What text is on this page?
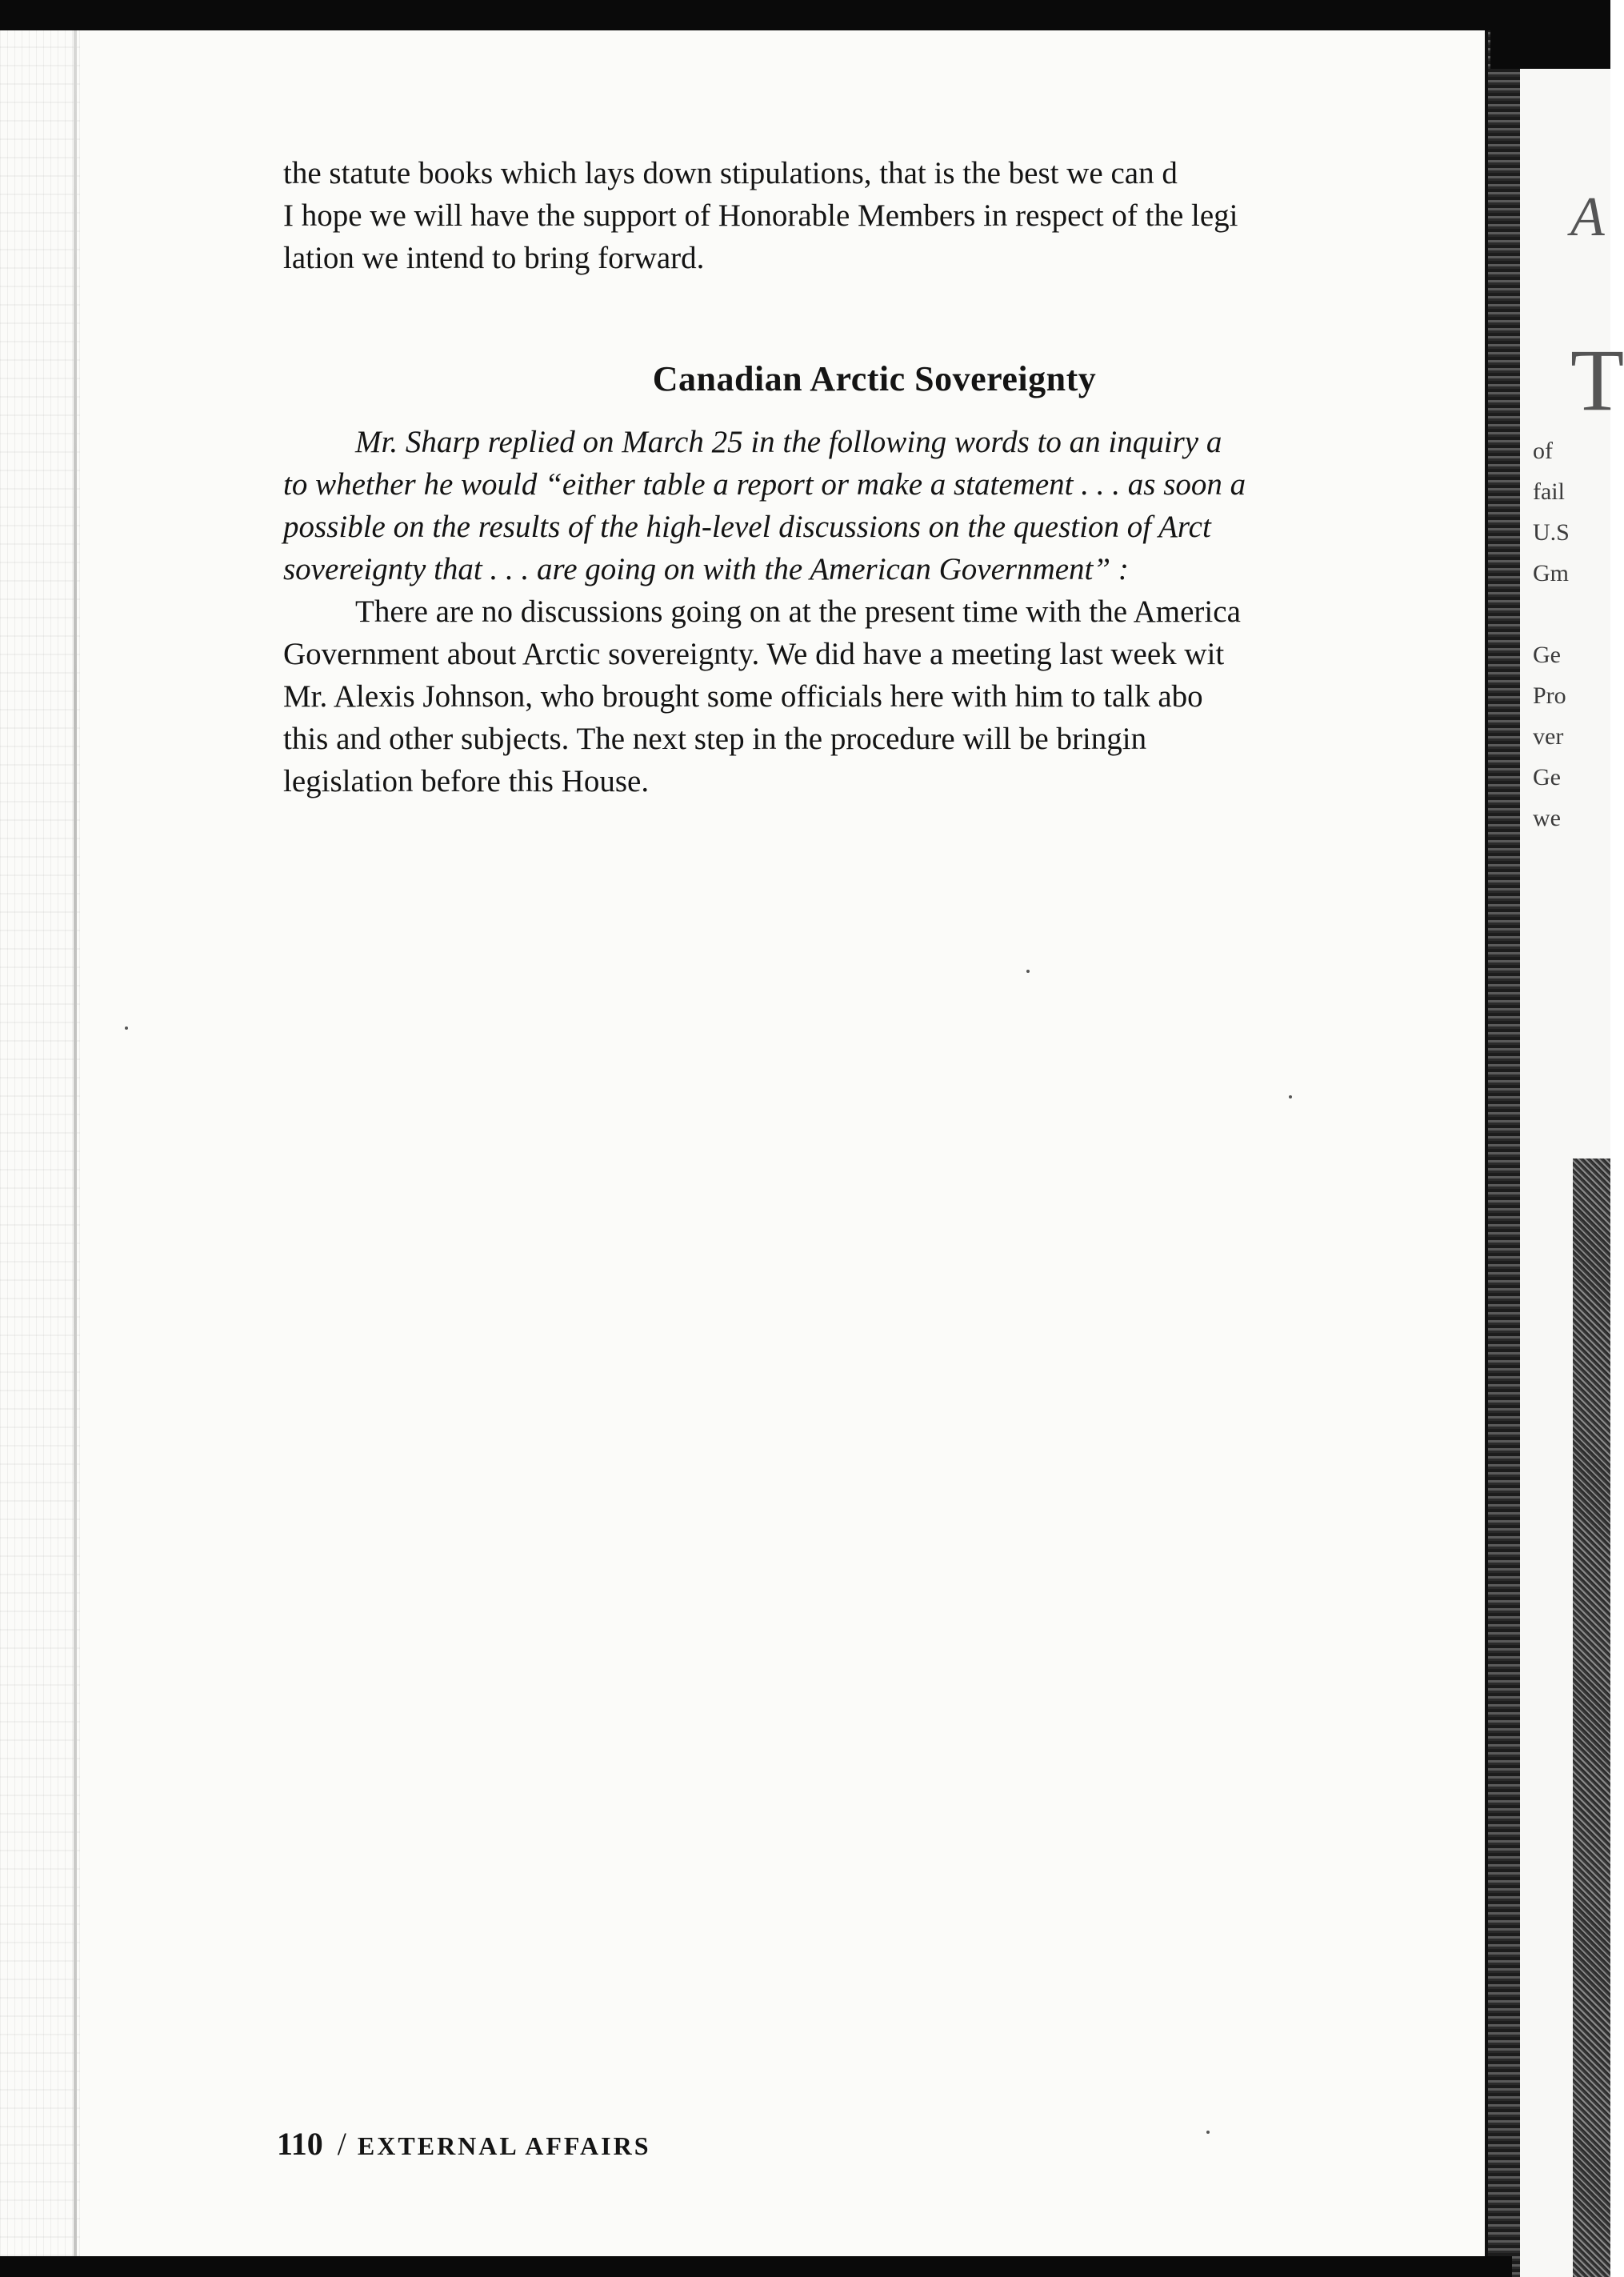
the statute books which lays down stipulations, that is the best we can d
I hope we will have the support of Honorable Members in respect of the legi
lation we intend to bring forward.

Canadian Arctic Sovereignty

Mr. Sharp replied on March 25 in the following words to an inquiry a
to whether he would “either table a report or make a statement . . . as soon a
possible on the results of the high-level discussions on the question of Arct
sovereignty that . . . are going on with the American Government” :

There are no discussions going on at the present time with the America
Government about Arctic sovereignty. We did have a meeting last week wit
Mr. Alexis Johnson, who brought some officials here with him to talk abo
this and other subjects. The next step in the procedure will be bringin
legislation before this House.

110 / EXTERNAL AFFAIRS
A
T
of
fail
U.S
Gm
Ge
Pro
ver
Ge
we
